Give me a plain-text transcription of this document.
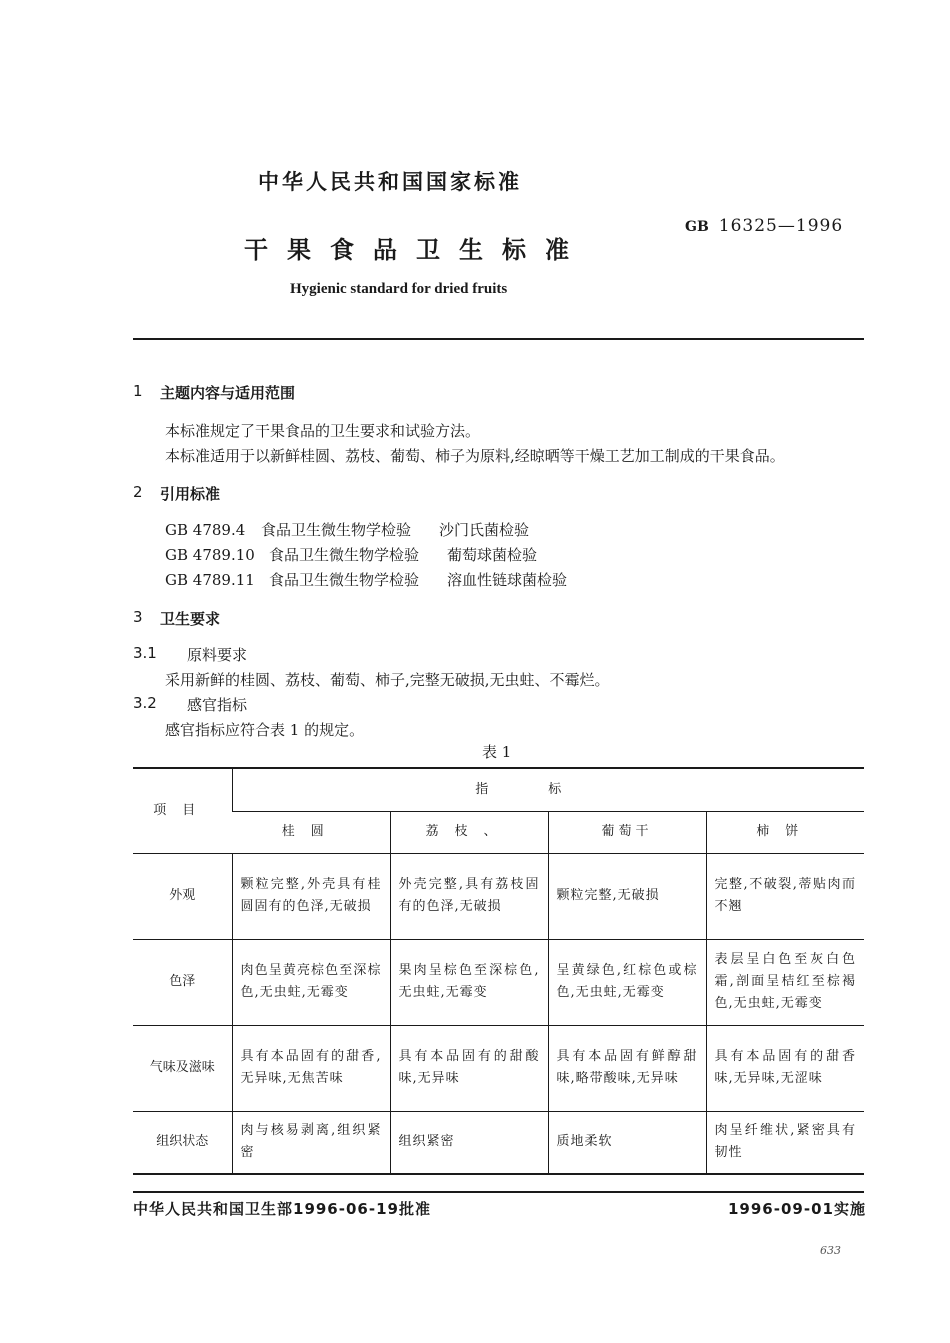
中华人民共和国国家标准
干果食品卫生标准
GB 16325—1996
Hygienic standard for dried fruits
1 主题内容与适用范围
本标准规定了干果食品的卫生要求和试验方法。
本标准适用于以新鲜桂圆、荔枝、葡萄、柿子为原料,经晾晒等干燥工艺加工制成的干果食品。
2 引用标准
GB 4789.4 食品卫生微生物学检验 沙门氏菌检验
GB 4789.10 食品卫生微生物学检验 葡萄球菌检验
GB 4789.11 食品卫生微生物学检验 溶血性链球菌检验
3 卫生要求
3.1 原料要求
采用新鲜的桂圆、荔枝、葡萄、柿子,完整无破损,无虫蛀、不霉烂。
3.2 感官指标
感官指标应符合表 1 的规定。
表 1
项目	指标			
	桂圆	荔枝、	葡萄干	柿饼
外观	颗粒完整,外壳具有桂圆固有的色泽,无破损	外壳完整,具有荔枝固有的色泽,无破损	颗粒完整,无破损	完整,不破裂,蒂贴肉而不翘
色泽	肉色呈黄亮棕色至深棕色,无虫蛀,无霉变	果肉呈棕色至深棕色,无虫蛀,无霉变	呈黄绿色,红棕色或棕色,无虫蛀,无霉变	表层呈白色至灰白色霜,剖面呈桔红至棕褐色,无虫蛀,无霉变
气味及滋味	具有本品固有的甜香,无异味,无焦苦味	具有本品固有的甜酸味,无异味	具有本品固有鲜醇甜味,略带酸味,无异味	具有本品固有的甜香味,无异味,无涩味
组织状态	肉与核易剥离,组织紧密	组织紧密	质地柔软	肉呈纤维状,紧密具有韧性
中华人民共和国卫生部1996-06-19批准	1996-09-01实施
633
